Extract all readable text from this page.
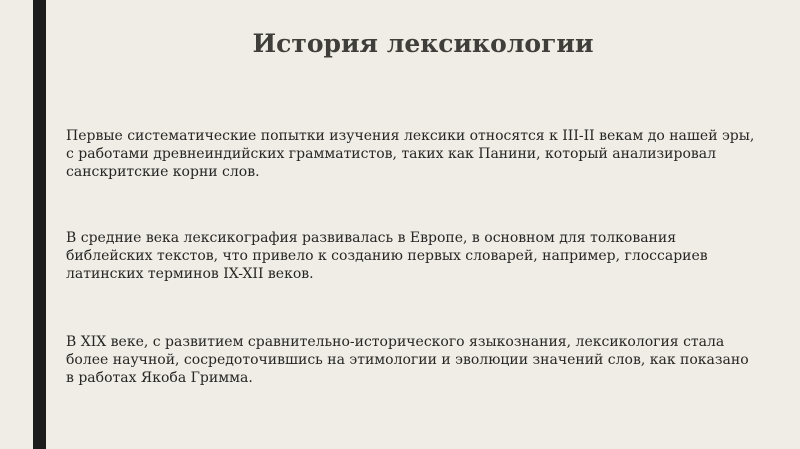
История лексикологии

Первые систематические попытки изучения лексики относятся к III-II векам до нашей эры, с работами древнеиндийских грамматистов, таких как Панини, который анализировал санскритские корни слов.

В средние века лексикография развивалась в Европе, в основном для толкования библейских текстов, что привело к созданию первых словарей, например, глоссариев латинских терминов IX-XII веков.

В XIX веке, с развитием сравнительно-исторического языкознания, лексикология стала более научной, сосредоточившись на этимологии и эволюции значений слов, как показано в работах Якоба Гримма.
